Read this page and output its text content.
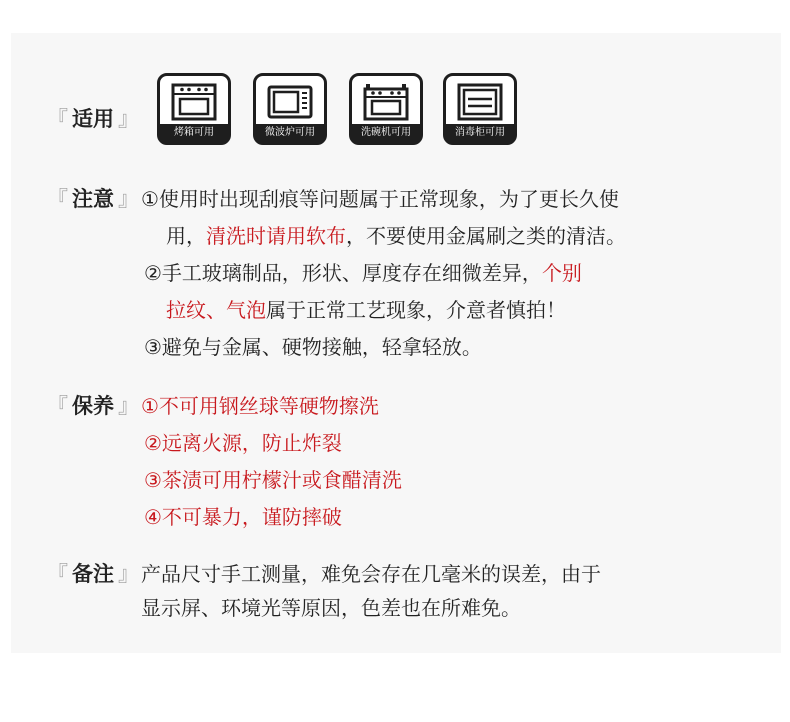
『 适用 』
烤箱可用	微波炉可用	洗碗机可用	消毒柜可用
『 注意 』 ①使用时出现刮痕等问题属于正常现象，为了更长久使
用，清洗时请用软布，不要使用金属刷之类的清洁。
②手工玻璃制品，形状、厚度存在细微差异，个别
拉纹、气泡属于正常工艺现象，介意者慎拍！
③避免与金属、硬物接触，轻拿轻放。
『 保养 』 ①不可用钢丝球等硬物擦洗
②远离火源，防止炸裂
③茶渍可用柠檬汁或食醋清洗
④不可暴力，谨防摔破
『 备注 』 产品尺寸手工测量，难免会存在几毫米的误差，由于
显示屏、环境光等原因，色差也在所难免。
